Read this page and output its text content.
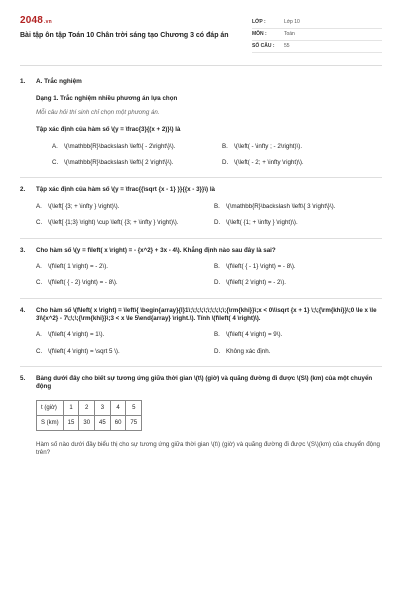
2048.vn
Bài tập ôn tập Toán 10 Chân trời sáng tạo Chương 3 có đáp án
LỚP :	Lớp 10
MÔN :	Toán
SỐ CÂU :	55
1. A. Trắc nghiệm
Dạng 1. Trắc nghiệm nhiều phương án lựa chọn
Mỗi câu hỏi thí sinh chỉ chọn một phương án.
Tập xác định của hàm số \(y = \frac{3}{(x + 2)}\) là
A. \(\mathbb{R}\backslash \left\{ - 2\right\}\).	B. \(\left( - \infty ; - 2\right)\).
C. \(\mathbb{R}\backslash \left\{ 2 \right\}\).	D. \(\left( - 2; + \infty \right)\).
2.	Tập xác định của hàm số \(y = \frac{{\sqrt {x - 1} }}{{x - 3}}\) là
A. \(\left[ {3; + \infty } \right)\).	B. \(\mathbb{R}\backslash \left\{ 3 \right\}\).
C. \(\left[ {1;3} \right) \cup \left( {3; + \infty } \right)\).	D. \(\left( {1; + \infty } \right)\).
3.	Cho hàm số \(y = f\left( x \right) = - {x^2} + 3x - 4\). Khẳng định nào sau đây là sai?
A. \(f\left( 1 \right) = - 2\).	B. \(f\left( { - 1} \right) = - 8\).
C. \(f\left( { - 2} \right) = - 8\).	D. \(f\left( 2 \right) = - 2\).
4.	Cho hàm số \(f\left( x \right) = \left\{ \begin{array}{l}1\;\;\;\;\;\;\;\;\;\;{\rm{khi}}\;x < 0\\\sqrt {x + 1} \;\;{\rm{khi}}\;0 \le x \le 3\\{x^2} - 7\;\;\;{\rm{khi}}\;3 < x \le 5\end{array} \right.\). Tính \(f\left( 4 \right)\).
A. \(f\left( 4 \right) = 1\).	B. \(f\left( 4 \right) = 9\).
C. \(f\left( 4 \right) = \sqrt 5 \).	D. Không xác định.
5.	Bảng dưới đây cho biết sự tương ứng giữa thời gian \(t\) (giờ) và quãng đường đi được \(S\) (km) của một chuyển động
t (giờ)	1	2	3	4	5
S (km)	15	30	45	60	75
Hàm số nào dưới đây biểu thị cho sự tương ứng giữa thời gian \(t\) (giờ) và quãng đường đi được \(S\)(km) của chuyển động trên?
